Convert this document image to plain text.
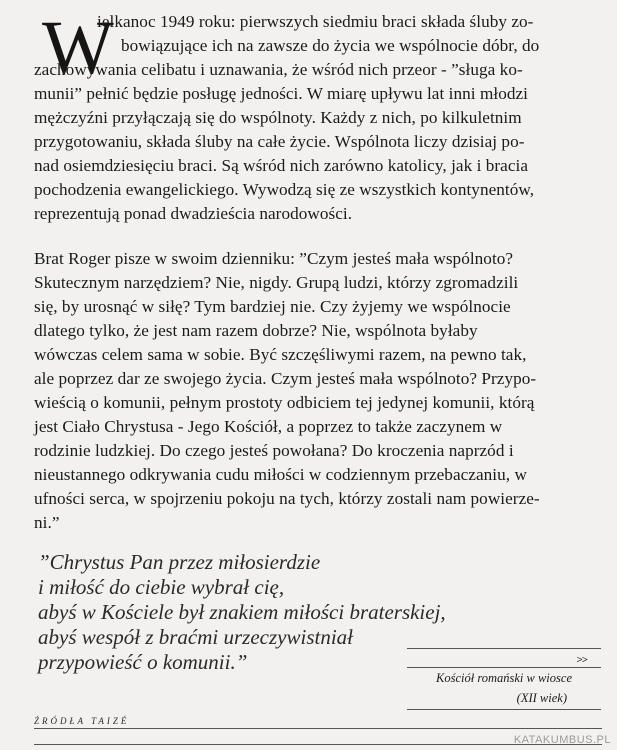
W
ielkanoc 1949 roku: pierwszych siedmiu braci składa śluby zo-
bowiązujące ich na zawsze do życia we wspólnocie dóbr, do
zachowywania celibatu i uznawania, że wśród nich przeor - ”sługa ko-
munii” pełnić będzie posługę jedności. W miarę upływu lat inni młodzi
mężczyźni przyłączają się do wspólnoty. Każdy z nich, po kilkuletnim
przygotowaniu, składa śluby na całe życie. Wspólnota liczy dzisiaj po-
nad osiemdziesięciu braci. Są wśród nich zarówno katolicy, jak i bracia
pochodzenia ewangelickiego. Wywodzą się ze wszystkich kontynentów,
reprezentują ponad dwadzieścia narodowości.
Brat Roger pisze w swoim dzienniku: ”Czym jesteś mała wspólnoto?
Skutecznym narzędziem? Nie, nigdy. Grupą ludzi, którzy zgromadzili
się, by urosnąć w siłę? Tym bardziej nie. Czy żyjemy we wspólnocie
dlatego tylko, że jest nam razem dobrze? Nie, wspólnota byłaby
wówczas celem sama w sobie. Być szczęśliwymi razem, na pewno tak,
ale poprzez dar ze swojego życia. Czym jesteś mała wspólnoto? Przypo-
wieścią o komunii, pełnym prostoty odbiciem tej jedynej komunii, którą
jest Ciało Chrystusa - Jego Kościół, a poprzez to także zaczynem w
rodzinie ludzkiej. Do czego jesteś powołana? Do kroczenia naprzód i
nieustannego odkrywania cudu miłości w codziennym przebaczaniu, w
ufności serca, w spojrzeniu pokoju na tych, którzy zostali nam powierze-
ni.”
”Chrystus Pan przez miłosierdzie
i miłość do ciebie wybrał cię,
abyś w Kościele był znakiem miłości braterskiej,
abyś wespół z braćmi urzeczywistniał
przypowieść o komunii.”	>>
Kościół romański w wiosce
(XII wiek)
ŹRÓDŁA TAIZÉ
KATAKUMBUS.PL
